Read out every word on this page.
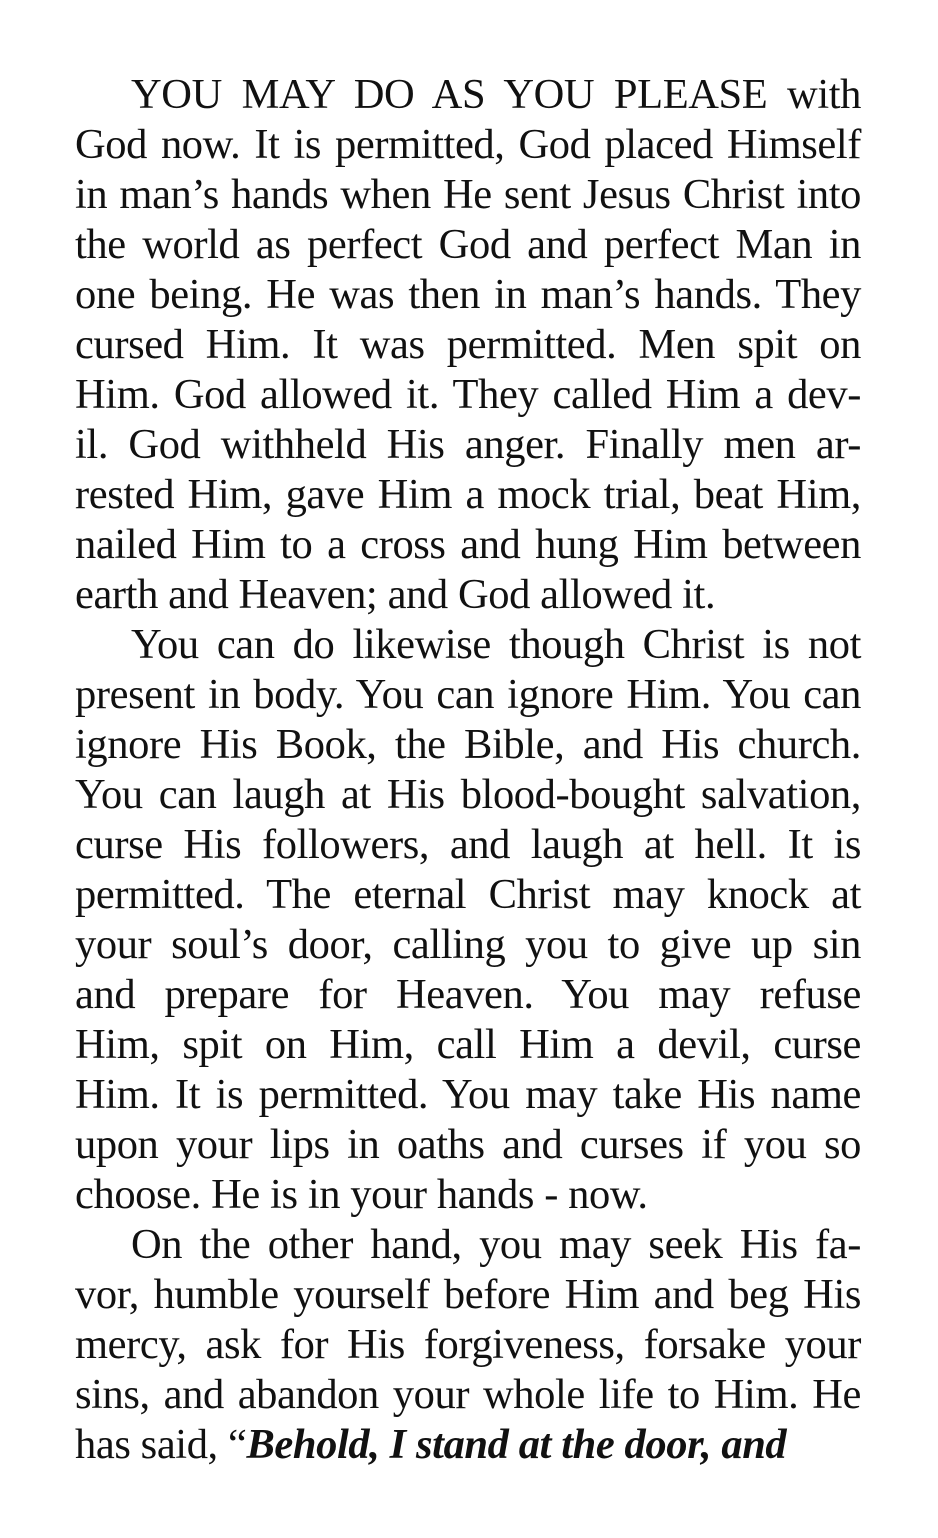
YOU MAY DO AS YOU PLEASE with
God now. It is permitted, God placed Himself
in man’s hands when He sent Jesus Christ into
the world as perfect God and perfect Man in
one being. He was then in man’s hands. They
cursed Him. It was permitted. Men spit on
Him. God allowed it. They called Him a dev-
il. God withheld His anger. Finally men ar-
rested Him, gave Him a mock trial, beat Him,
nailed Him to a cross and hung Him between
earth and Heaven; and God allowed it.
You can do likewise though Christ is not
present in body. You can ignore Him. You can
ignore His Book, the Bible, and His church.
You can laugh at His blood-bought salvation,
curse His followers, and laugh at hell. It is
permitted. The eternal Christ may knock at
your soul’s door, calling you to give up sin
and prepare for Heaven. You may refuse
Him, spit on Him, call Him a devil, curse
Him. It is permitted. You may take His name
upon your lips in oaths and curses if you so
choose. He is in your hands - now.
On the other hand, you may seek His fa-
vor, humble yourself before Him and beg His
mercy, ask for His forgiveness, forsake your
sins, and abandon your whole life to Him. He
has said, “Behold, I stand at the door, and
